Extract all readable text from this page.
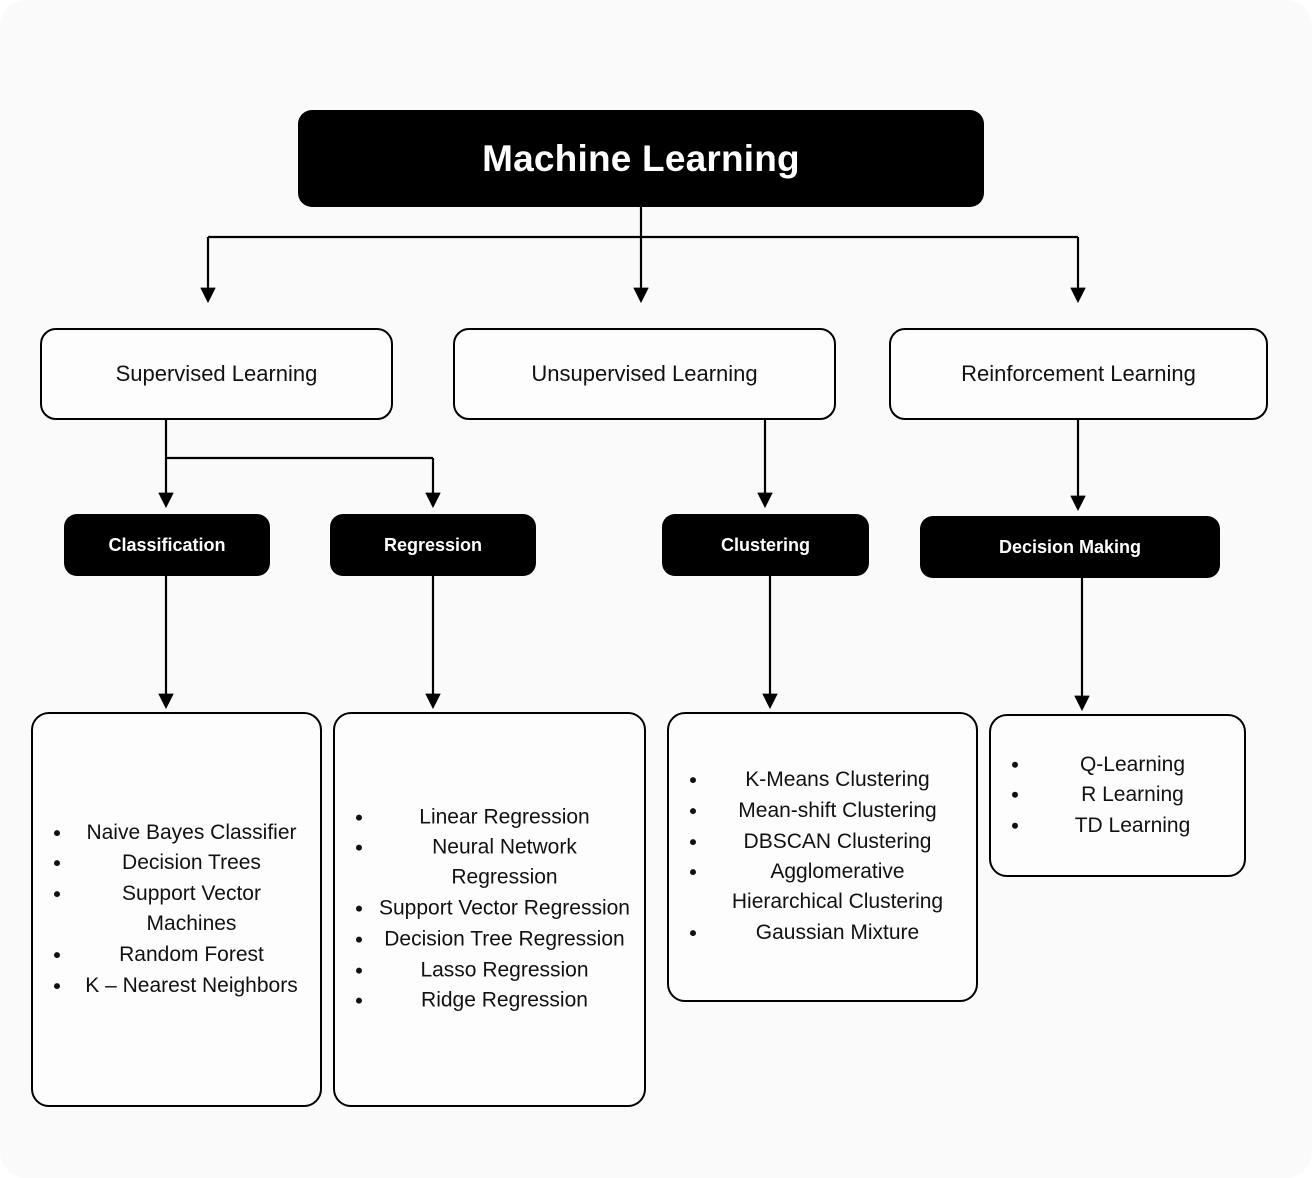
Machine Learning
Supervised Learning	Unsupervised Learning	Reinforcement Learning
Classification	Regression	Clustering	Decision Making
• Naive Bayes Classifier
• Decision Trees
• Support Vector Machines
• Random Forest
• K – Nearest Neighbors
• Linear Regression
• Neural Network Regression
• Support Vector Regression
• Decision Tree Regression
• Lasso Regression
• Ridge Regression
• K-Means Clustering
• Mean-shift Clustering
• DBSCAN Clustering
• Agglomerative Hierarchical Clustering
• Gaussian Mixture
• Q-Learning
• R Learning
• TD Learning
